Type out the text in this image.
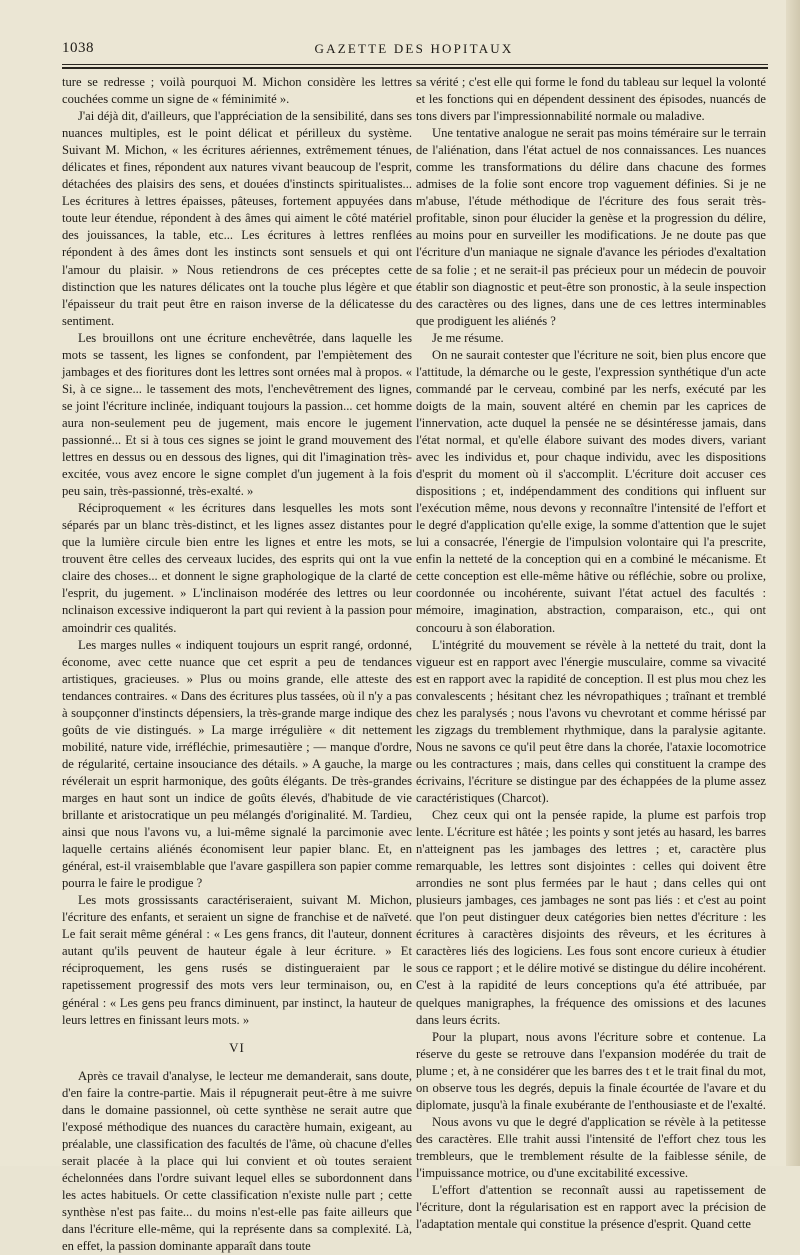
1038	GAZETTE DES HOPITAUX

ture se redresse ; voilà pourquoi M. Michon considère les lettres couchées comme un signe de « féminimité ».

J'ai déjà dit, d'ailleurs, que l'appréciation de la sensibilité, dans ses nuances multiples, est le point délicat et périlleux du système. Suivant M. Michon, « les écritures aériennes, extrêmement ténues, délicates et fines, répondent aux natures vivant beaucoup de l'esprit, détachées des plaisirs des sens, et douées d'instincts spiritualistes... Les écritures à lettres épaisses, pâteuses, fortement appuyées dans toute leur étendue, répondent à des âmes qui aiment le côté matériel des jouissances, la table, etc... Les écritures à lettres renflées répondent à des âmes dont les instincts sont sensuels et qui ont l'amour du plaisir. » Nous retiendrons de ces préceptes cette distinction que les natures délicates ont la touche plus légère et que l'épaisseur du trait peut être en raison inverse de la délicatesse du sentiment.

Les brouillons ont une écriture enchevêtrée, dans laquelle les mots se tassent, les lignes se confondent, par l'empiètement des jambages et des fioritures dont les lettres sont ornées mal à propos. « Si, à ce signe... le tassement des mots, l'enchevêtrement des lignes, se joint l'écriture inclinée, indiquant toujours la passion... cet homme aura non-seulement peu de jugement, mais encore le jugement passionné... Et si à tous ces signes se joint le grand mouvement des lettres en dessus ou en dessous des lignes, qui dit l'imagination très-excitée, vous avez encore le signe complet d'un jugement à la fois peu sain, très-passionné, très-exalté. »

Réciproquement « les écritures dans lesquelles les mots sont séparés par un blanc très-distinct, et les lignes assez distantes pour que la lumière circule bien entre les lignes et entre les mots, se trouvent être celles des cerveaux lucides, des esprits qui ont la vue claire des choses... et donnent le signe graphologique de la clarté de l'esprit, du jugement. » L'inclinaison modérée des lettres ou leur nclinaison excessive indiqueront la part qui revient à la passion pour amoindrir ces qualités.

Les marges nulles « indiquent toujours un esprit rangé, ordonné, économe, avec cette nuance que cet esprit a peu de tendances artistiques, gracieuses. » Plus ou moins grande, elle atteste des tendances contraires. « Dans des écritures plus tassées, où il n'y a pas à soupçonner d'instincts dépensiers, la très-grande marge indique des goûts de vie distingués. » La marge irrégulière « dit nettement mobilité, nature vide, irréfléchie, primesautière ; — manque d'ordre, de régularité, certaine insouciance des détails. » A gauche, la marge révélerait un esprit harmonique, des goûts élégants. De très-grandes marges en haut sont un indice de goûts élevés, d'habitude de vie brillante et aristocratique un peu mélangés d'originalité. M. Tardieu, ainsi que nous l'avons vu, a lui-même signalé la parcimonie avec laquelle certains aliénés économisent leur papier blanc. Et, en général, est-il vraisemblable que l'avare gaspillera son papier comme pourra le faire le prodigue ?

Les mots grossissants caractériseraient, suivant M. Michon, l'écriture des enfants, et seraient un signe de franchise et de naïveté. Le fait serait même général : « Les gens francs, dit l'auteur, donnent autant qu'ils peuvent de hauteur égale à leur écriture. » Et réciproquement, les gens rusés se distingueraient par le rapetissement progressif des mots vers leur terminaison, ou, en général : « Les gens peu francs diminuent, par instinct, la hauteur de leurs lettres en finissant leurs mots. »

VI

Après ce travail d'analyse, le lecteur me demanderait, sans doute, d'en faire la contre-partie. Mais il répugnerait peut-être à me suivre dans le domaine passionnel, où cette synthèse ne serait autre que l'exposé méthodique des nuances du caractère humain, exigeant, au préalable, une classification des facultés de l'âme, où chacune d'elles serait placée à la place qui lui convient et où toutes seraient échelonnées dans l'ordre suivant lequel elles se subordonnent dans les actes habituels. Or cette classification n'existe nulle part ; cette synthèse n'est pas faite... du moins n'est-elle pas faite ailleurs que dans l'écriture elle-même, qui la représente dans sa complexité. Là, en effet, la passion dominante apparaît dans toute

sa vérité ; c'est elle qui forme le fond du tableau sur lequel la volonté et les fonctions qui en dépendent dessinent des épisodes, nuancés de tons divers par l'impressionnabilité normale ou maladive.

Une tentative analogue ne serait pas moins téméraire sur le terrain de l'aliénation, dans l'état actuel de nos connaissances. Les nuances comme les transformations du délire dans chacune des formes admises de la folie sont encore trop vaguement définies. Si je ne m'abuse, l'étude méthodique de l'écriture des fous serait très-profitable, sinon pour élucider la genèse et la progression du délire, au moins pour en surveiller les modifications. Je ne doute pas que l'écriture d'un maniaque ne signale d'avance les périodes d'exaltation de sa folie ; et ne serait-il pas précieux pour un médecin de pouvoir établir son diagnostic et peut-être son pronostic, à la seule inspection des caractères ou des lignes, dans une de ces lettres interminables que prodiguent les aliénés ?

Je me résume.

On ne saurait contester que l'écriture ne soit, bien plus encore que l'attitude, la démarche ou le geste, l'expression synthétique d'un acte commandé par le cerveau, combiné par les nerfs, exécuté par les doigts de la main, souvent altéré en chemin par les caprices de l'innervation, acte duquel la pensée ne se désintéresse jamais, dans l'état normal, et qu'elle élabore suivant des modes divers, variant avec les individus et, pour chaque individu, avec les dispositions d'esprit du moment où il s'accomplit. L'écriture doit accuser ces dispositions ; et, indépendamment des conditions qui influent sur l'exécution même, nous devons y reconnaître l'intensité de l'effort et le degré d'application qu'elle exige, la somme d'attention que le sujet lui a consacrée, l'énergie de l'impulsion volontaire qui l'a prescrite, enfin la netteté de la conception qui en a combiné le mécanisme. Et cette conception est elle-même hâtive ou réfléchie, sobre ou prolixe, coordonnée ou incohérente, suivant l'état actuel des facultés : mémoire, imagination, abstraction, comparaison, etc., qui ont concouru à son élaboration.

L'intégrité du mouvement se révèle à la netteté du trait, dont la vigueur est en rapport avec l'énergie musculaire, comme sa vivacité est en rapport avec la rapidité de conception. Il est plus mou chez les convalescents ; hésitant chez les névropathiques ; traînant et tremblé chez les paralysés ; nous l'avons vu chevrotant et comme hérissé par les zigzags du tremblement rhythmique, dans la paralysie agitante. Nous ne savons ce qu'il peut être dans la chorée, l'ataxie locomotrice ou les contractures ; mais, dans celles qui constituent la crampe des écrivains, l'écriture se distingue par des échappées de la plume assez caractéristiques (Charcot).

Chez ceux qui ont la pensée rapide, la plume est parfois trop lente. L'écriture est hâtée ; les points y sont jetés au hasard, les barres n'atteignent pas les jambages des lettres ; et, caractère plus remarquable, les lettres sont disjointes : celles qui doivent être arrondies ne sont plus fermées par le haut ; dans celles qui ont plusieurs jambages, ces jambages ne sont pas liés : et c'est au point que l'on peut distinguer deux catégories bien nettes d'écriture : les écritures à caractères disjoints des rêveurs, et les écritures à caractères liés des logiciens. Les fous sont encore curieux à étudier sous ce rapport ; et le délire motivé se distingue du délire incohérent. C'est à la rapidité de leurs conceptions qu'a été attribuée, par quelques manigraphes, la fréquence des omissions et des lacunes dans leurs écrits.

Pour la plupart, nous avons l'écriture sobre et contenue. La réserve du geste se retrouve dans l'expansion modérée du trait de plume ; et, à ne considérer que les barres des t et le trait final du mot, on observe tous les degrés, depuis la finale écourtée de l'avare et du diplomate, jusqu'à la finale exubérante de l'enthousiaste et de l'exalté.

Nous avons vu que le degré d'application se révèle à la petitesse des caractères. Elle trahit aussi l'intensité de l'effort chez tous les trembleurs, que le tremblement résulte de la faiblesse sénile, de l'impuissance motrice, ou d'une excitabilité excessive.

L'effort d'attention se reconnaît aussi au rapetissement de l'écriture, dont la régularisation est en rapport avec la précision de l'adaptation mentale qui constitue la présence d'esprit. Quand cette
